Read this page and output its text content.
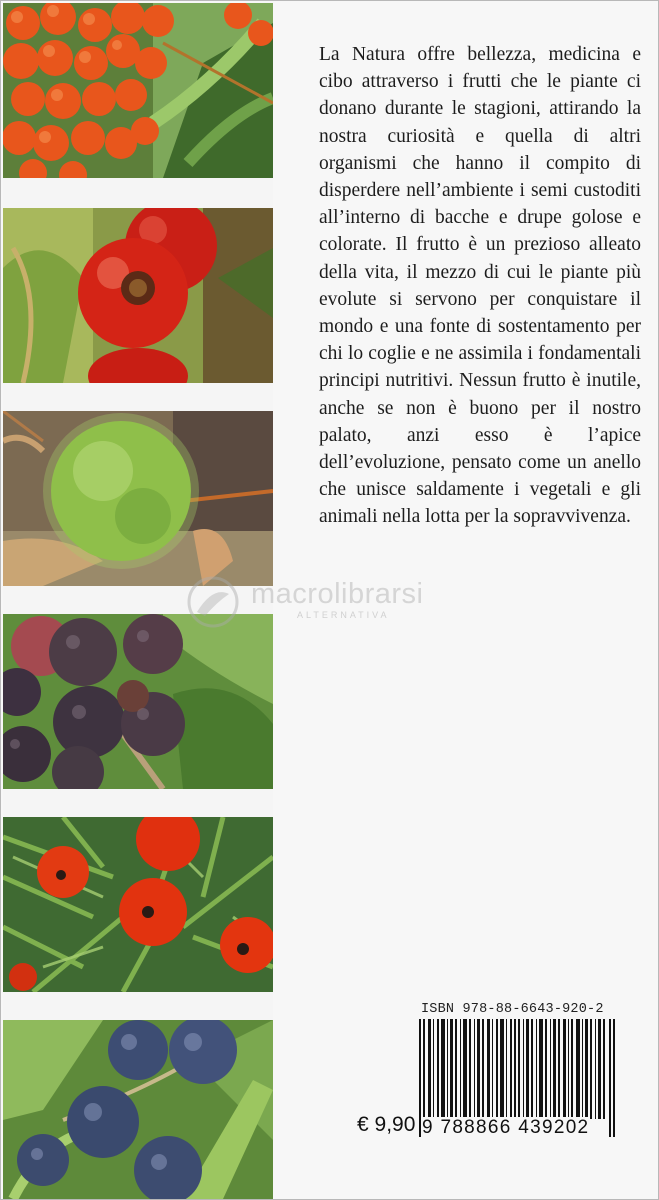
La Natura offre bellezza, medicina e cibo attraverso i frutti che le piante ci donano durante le stagioni, attirando la nostra curiosità e quella di altri organismi che hanno il compito di disperdere nell’ambiente i semi custoditi all’interno di bacche e drupe golose e colorate. Il frutto è un prezioso alleato della vita, il mezzo di cui le piante più evolute si servono per conquistare il mondo e una fonte di sostentamento per chi lo coglie e ne assimila i fondamentali principi nutritivi. Nessun frutto è inutile, anche se non è buono per il nostro palato, anzi esso è l’apice dell’evoluzione, pensato come un anello che unisce saldamente i vegetali e gli animali nella lotta per la sopravvivenza.

macrolibrarsi
ALTERNATIVA
ISBN 978-88-6643-920-2
9 788866 439202
€ 9,90
